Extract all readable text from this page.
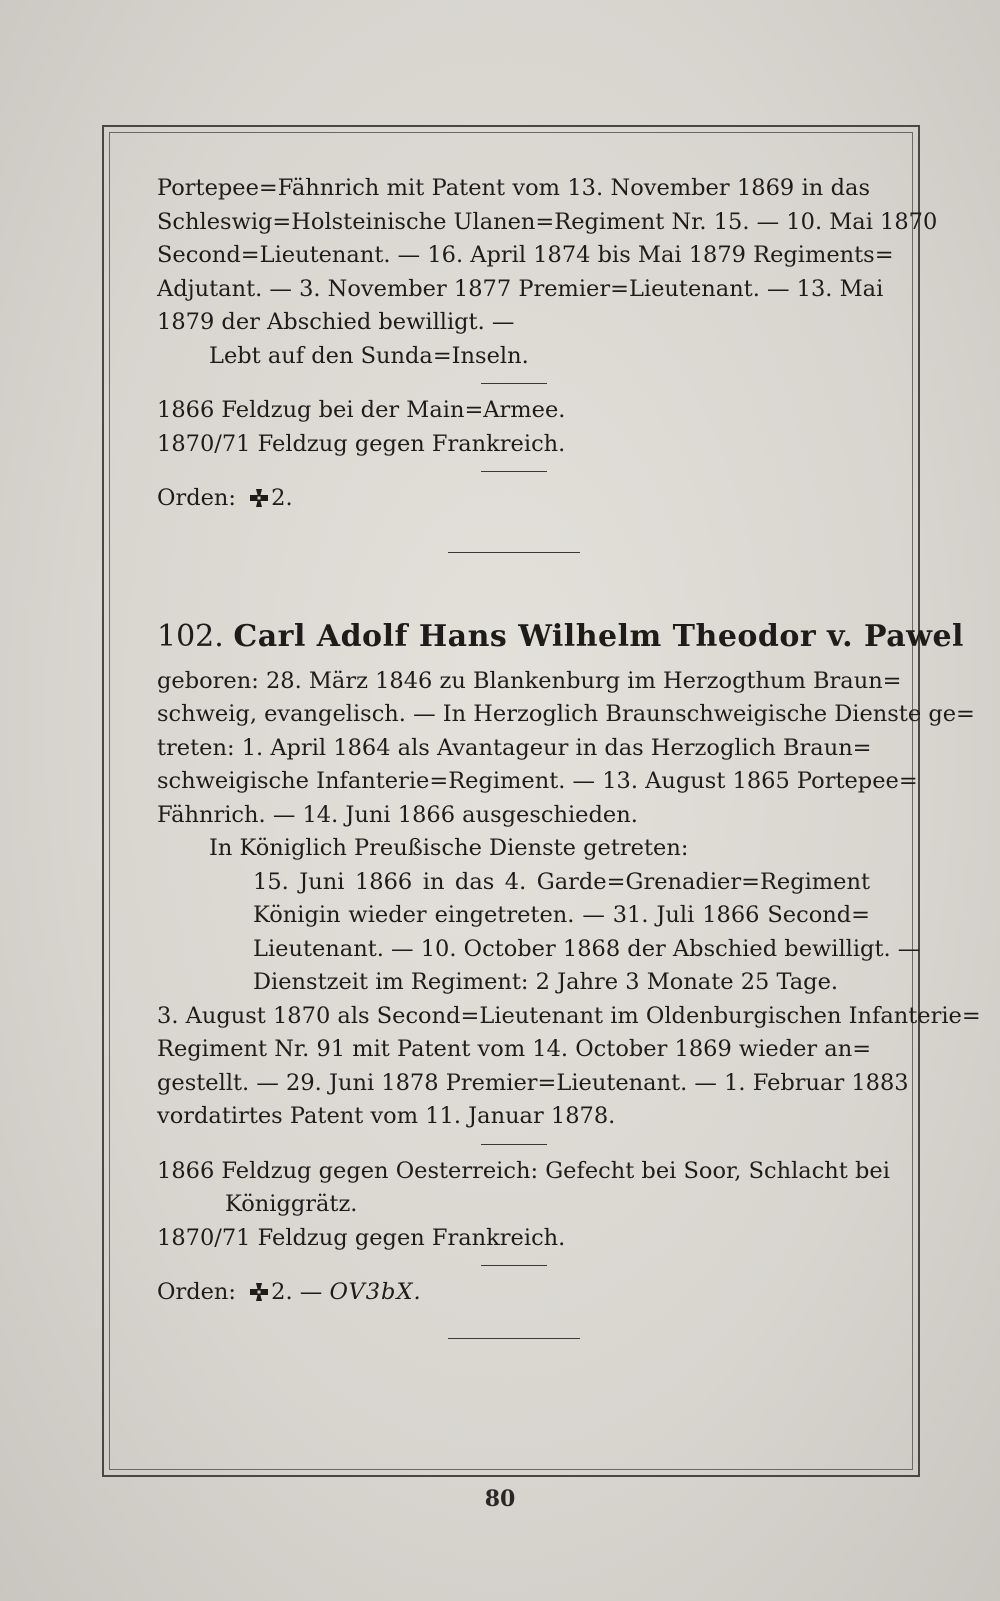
Portepee=Fähnrich mit Patent vom 13. November 1869 in das
Schleswig=Holsteinische Ulanen=Regiment Nr. 15. — 10. Mai 1870
Second=Lieutenant. — 16. April 1874 bis Mai 1879 Regiments=
Adjutant. — 3. November 1877 Premier=Lieutenant. — 13. Mai
1879 der Abschied bewilligt. —
Lebt auf den Sunda=Inseln.
1866 Feldzug bei der Main=Armee.
1870/71 Feldzug gegen Frankreich.
Orden: 2.
102. Carl Adolf Hans Wilhelm Theodor v. Pawel
geboren: 28. März 1846 zu Blankenburg im Herzogthum Braun=
schweig, evangelisch. — In Herzoglich Braunschweigische Dienste ge=
treten: 1. April 1864 als Avantageur in das Herzoglich Braun=
schweigische Infanterie=Regiment. — 13. August 1865 Portepee=
Fähnrich. — 14. Juni 1866 ausgeschieden.
In Königlich Preußische Dienste getreten:
15. Juni 1866 in das 4. Garde=Grenadier=Regiment
Königin wieder eingetreten. — 31. Juli 1866 Second=
Lieutenant. — 10. October 1868 der Abschied bewilligt. —
Dienstzeit im Regiment: 2 Jahre 3 Monate 25 Tage.
3. August 1870 als Second=Lieutenant im Oldenburgischen Infanterie=
Regiment Nr. 91 mit Patent vom 14. October 1869 wieder an=
gestellt. — 29. Juni 1878 Premier=Lieutenant. — 1. Februar 1883
vordatirtes Patent vom 11. Januar 1878.
1866 Feldzug gegen Oesterreich: Gefecht bei Soor, Schlacht bei
Königgrätz.
1870/71 Feldzug gegen Frankreich.
Orden: 2. — OV3bX.
80
